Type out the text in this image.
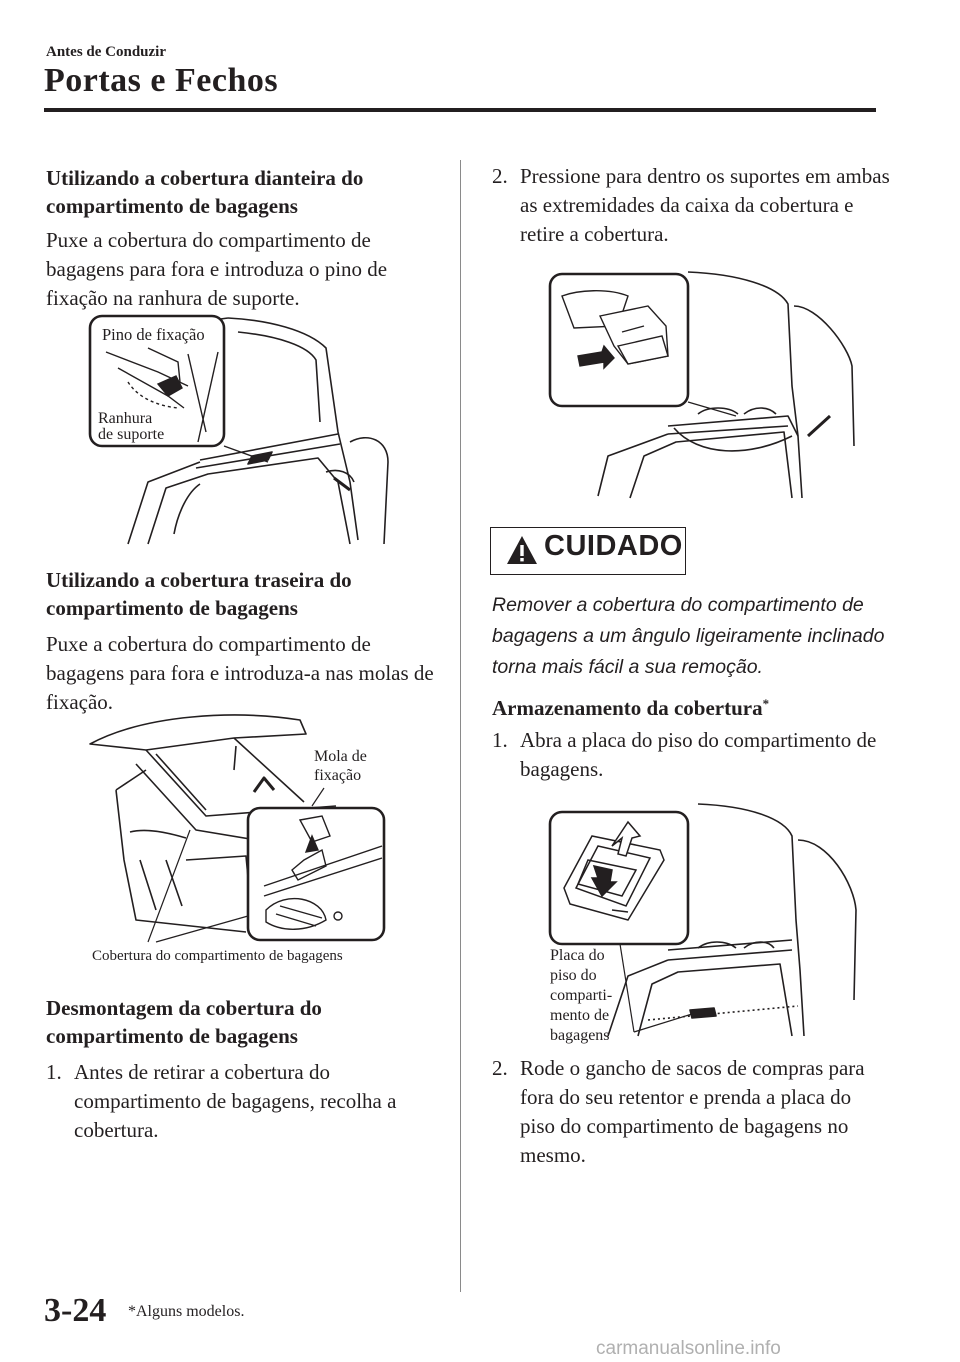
Antes de Conduzir
Portas e Fechos
Utilizando a cobertura dianteira do compartimento de bagagens
Puxe a cobertura do compartimento de bagagens para fora e introduza o pino de fixação na ranhura de suporte.
Pino de fixação
Ranhura
de suporte
Utilizando a cobertura traseira do compartimento de bagagens
Puxe a cobertura do compartimento de bagagens para fora e introduza-a nas molas de fixação.
Mola de
fixação
Cobertura do compartimento de bagagens
Desmontagem da cobertura do compartimento de bagagens
1. Antes de retirar a cobertura do compartimento de bagagens, recolha a cobertura.
2. Pressione para dentro os suportes em ambas as extremidades da caixa da cobertura e retire a cobertura.
CUIDADO
Remover a cobertura do compartimento de bagagens a um ângulo ligeiramente inclinado torna mais fácil a sua remoção.
Armazenamento da cobertura*
1. Abra a placa do piso do compartimento de bagagens.
Placa do
piso do
comparti-
mento de
bagagens
2. Rode o gancho de sacos de compras para fora do seu retentor e prenda a placa do piso do compartimento de bagagens no mesmo.
3-24 *Alguns modelos.
carmanualsonline.info
